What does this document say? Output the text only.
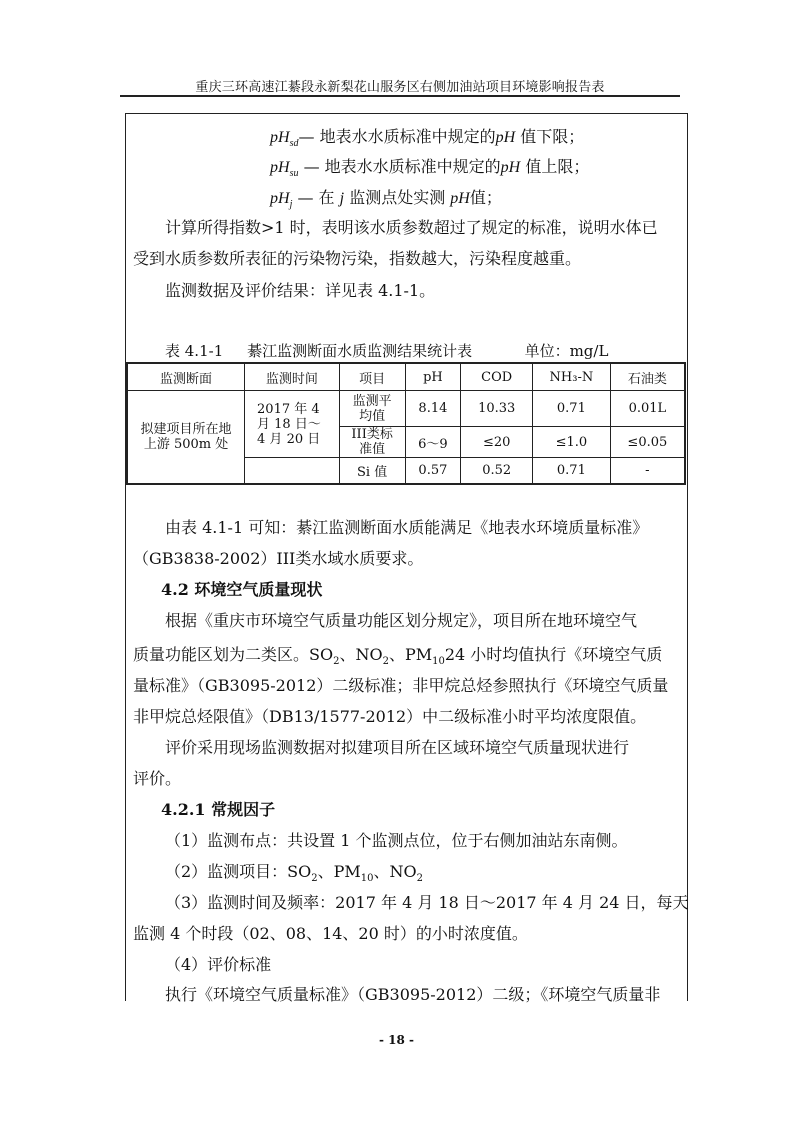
重庆三环高速江綦段永新梨花山服务区右侧加油站项目环境影响报告表
$pH_{sd}—$ 地表水水质标准中规定的pH 值下限；
$pH_{su}$ — 地表水水质标准中规定的pH 值上限；
$pH_j$ — 在 j 监测点处实测 pH值；
计算所得指数>1 时，表明该水质参数超过了规定的标准，说明水体已
受到水质参数所表征的污染物污染，指数越大，污染程度越重。
监测数据及评价结果：详见表 4.1-1。
表 4.1-1 綦江监测断面水质监测结果统计表	单位：mg/L
监测断面	监测时间	项目	pH	COD	NH₃-N	石油类
拟建项目所在地上游 500m 处	2017 年 4 月 18 日～4 月 20 日	监测平均值	8.14	10.33	0.71	0.01L
		III类标准值	6～9	≤20	≤1.0	≤0.05
		Si 值	0.57	0.52	0.71	-
由表 4.1-1 可知：綦江监测断面水质能满足《地表水环境质量标准》
（GB3838-2002）III类水域水质要求。
4.2 环境空气质量现状
根据《重庆市环境空气质量功能区划分规定》，项目所在地环境空气
质量功能区划为二类区。$SO_2$、$NO_2$、$PM_{10}24$ 小时均值执行《环境空气质
量标准》（GB3095-2012）二级标准；非甲烷总烃参照执行《环境空气质量
非甲烷总烃限值》（DB13/1577-2012）中二级标准小时平均浓度限值。
评价采用现场监测数据对拟建项目所在区域环境空气质量现状进行
评价。
4.2.1 常规因子
（1）监测布点：共设置 1 个监测点位，位于右侧加油站东南侧。
（2）监测项目：$SO_2$、$PM_{10}$、$NO_2$
（3）监测时间及频率：2017 年 4 月 18 日～2017 年 4 月 24 日，每天
监测 4 个时段（02、08、14、20 时）的小时浓度值。
（4）评价标准
执行《环境空气质量标准》（GB3095-2012）二级；《环境空气质量非
- 18 -
